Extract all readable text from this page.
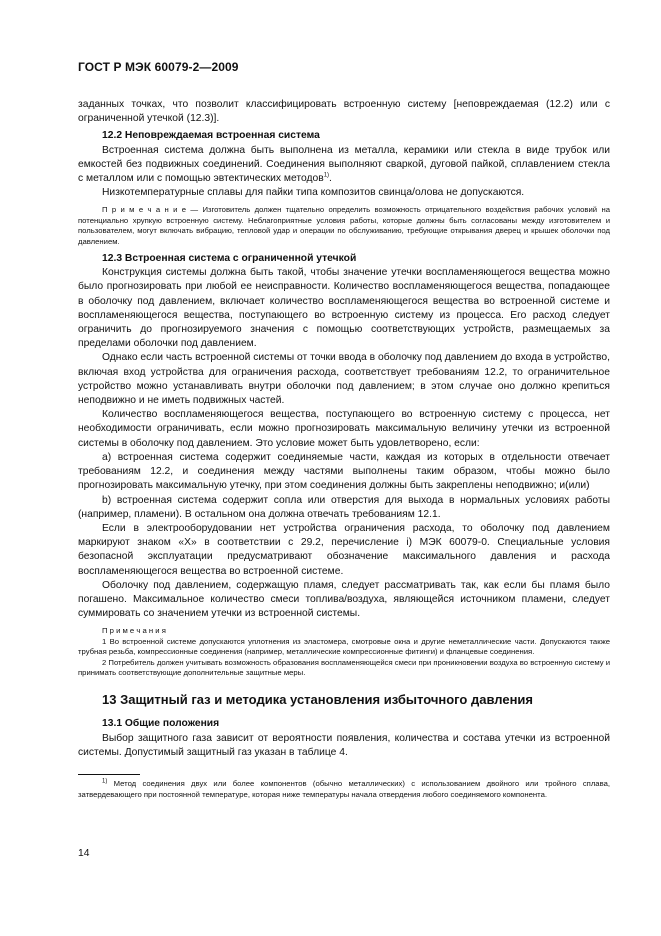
ГОСТ Р МЭК 60079-2—2009

заданных точках, что позволит классифицировать встроенную систему [неповреждаемая (12.2) или с ограниченной утечкой (12.3)].

12.2 Неповреждаемая встроенная система

Встроенная система должна быть выполнена из металла, керамики или стекла в виде трубок или емкостей без подвижных соединений. Соединения выполняют сваркой, дуговой пайкой, сплавлением стекла с металлом или с помощью эвтектических методов$^{1)}$.

Низкотемпературные сплавы для пайки типа композитов свинца/олова не допускаются.

П р и м е ч а н и е — Изготовитель должен тщательно определить возможность отрицательного воздействия рабочих условий на потенциально хрупкую встроенную систему. Неблагоприятные условия работы, которые должны быть согласованы между изготовителем и пользователем, могут включать вибрацию, тепловой удар и операции по обслуживанию, требующие открывания дверец и крышек оболочки под давлением.

12.3 Встроенная система с ограниченной утечкой

Конструкция системы должна быть такой, чтобы значение утечки воспламеняющегося вещества можно было прогнозировать при любой ее неисправности. Количество воспламеняющегося вещества, попадающее в оболочку под давлением, включает количество воспламеняющегося вещества во встроенной системе и воспламеняющегося вещества, поступающего во встроенную систему из процесса. Его расход следует ограничить до прогнозируемого значения с помощью соответствующих устройств, размещаемых за пределами оболочки под давлением.

Однако если часть встроенной системы от точки ввода в оболочку под давлением до входа в устройство, включая вход устройства для ограничения расхода, соответствует требованиям 12.2, то ограничительное устройство можно устанавливать внутри оболочки под давлением; в этом случае оно должно крепиться неподвижно и не иметь подвижных частей.

Количество воспламеняющегося вещества, поступающего во встроенную систему с процесса, нет необходимости ограничивать, если можно прогнозировать максимальную величину утечки из встроенной системы в оболочку под давлением. Это условие может быть удовлетворено, если:

a) встроенная система содержит соединяемые части, каждая из которых в отдельности отвечает требованиям 12.2, и соединения между частями выполнены таким образом, чтобы можно было прогнозировать максимальную утечку, при этом соединения должны быть закреплены неподвижно; и(или)

b) встроенная система содержит сопла или отверстия для выхода в нормальных условиях работы (например, пламени). В остальном она должна отвечать требованиям 12.1.

Если в электрооборудовании нет устройства ограничения расхода, то оболочку под давлением маркируют знаком «X» в соответствии с 29.2, перечисление i) МЭК 60079-0. Специальные условия безопасной эксплуатации предусматривают обозначение максимального давления и расхода воспламеняющегося вещества во встроенной системе.

Оболочку под давлением, содержащую пламя, следует рассматривать так, как если бы пламя было погашено. Максимальное количество смеси топлива/воздуха, являющейся источником пламени, следует суммировать со значением утечки из встроенной системы.

П р и м е ч а н и я

1 Во встроенной системе допускаются уплотнения из эластомера, смотровые окна и другие неметаллические части. Допускаются также трубная резьба, компрессионные соединения (например, металлические компрессионные фитинги) и фланцевые соединения.

2 Потребитель должен учитывать возможность образования воспламеняющейся смеси при проникновении воздуха во встроенную систему и принимать соответствующие дополнительные защитные меры.

13 Защитный газ и методика установления избыточного давления
13.1 Общие положения

Выбор защитного газа зависит от вероятности появления, количества и состава утечки из встроенной системы. Допустимый защитный газ указан в таблице 4.

$^{1)}$ Метод соединения двух или более компонентов (обычно металлических) с использованием двойного или тройного сплава, затвердевающего при постоянной температуре, которая ниже температуры начала отвердения любого соединяемого компонента.

14
